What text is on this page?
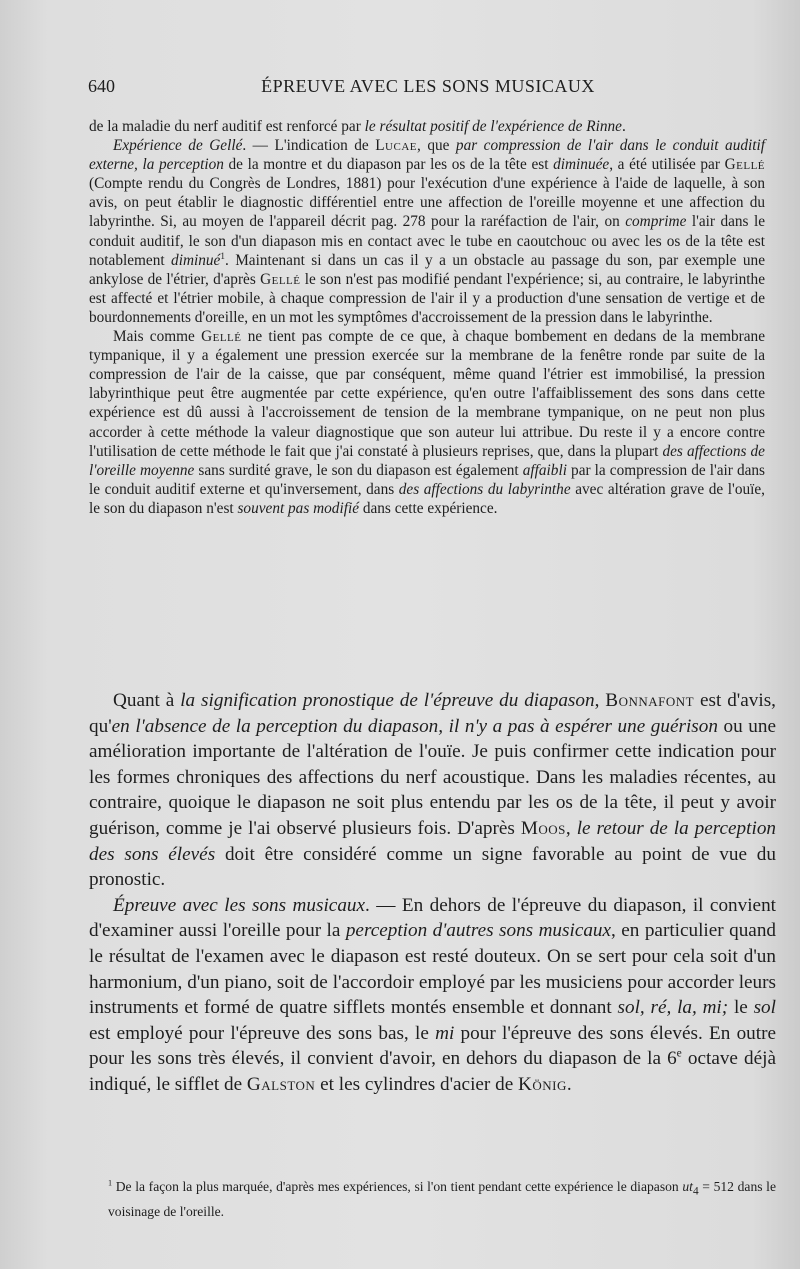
640	ÉPREUVE AVEC LES SONS MUSICAUX

de la maladie du nerf auditif est renforcé par le résultat positif de l'expérience de Rinne.

Expérience de Gellé. — L'indication de Lucae, que par compression de l'air dans le conduit auditif externe, la perception de la montre et du diapason par les os de la tête est diminuée, a été utilisée par Gellé (Compte rendu du Congrès de Londres, 1881) pour l'exécution d'une expérience à l'aide de laquelle, à son avis, on peut établir le diagnostic différentiel entre une affection de l'oreille moyenne et une affection du labyrinthe. Si, au moyen de l'appareil décrit pag. 278 pour la raréfaction de l'air, on comprime l'air dans le conduit auditif, le son d'un diapason mis en contact avec le tube en caoutchouc ou avec les os de la tête est notablement diminué$^1$. Maintenant si dans un cas il y a un obstacle au passage du son, par exemple une ankylose de l'étrier, d'après Gellé le son n'est pas modifié pendant l'expérience; si, au contraire, le labyrinthe est affecté et l'étrier mobile, à chaque compression de l'air il y a production d'une sensation de vertige et de bourdonnements d'oreille, en un mot les symptômes d'accroissement de la pression dans le labyrinthe.

Mais comme Gellé ne tient pas compte de ce que, à chaque bombement en dedans de la membrane tympanique, il y a également une pression exercée sur la membrane de la fenêtre ronde par suite de la compression de l'air de la caisse, que par conséquent, même quand l'étrier est immobilisé, la pression labyrinthique peut être augmentée par cette expérience, qu'en outre l'affaiblissement des sons dans cette expérience est dû aussi à l'accroissement de tension de la membrane tympanique, on ne peut non plus accorder à cette méthode la valeur diagnostique que son auteur lui attribue. Du reste il y a encore contre l'utilisation de cette méthode le fait que j'ai constaté à plusieurs reprises, que, dans la plupart des affections de l'oreille moyenne sans surdité grave, le son du diapason est également affaibli par la compression de l'air dans le conduit auditif externe et qu'inversement, dans des affections du labyrinthe avec altération grave de l'ouïe, le son du diapason n'est souvent pas modifié dans cette expérience.

Quant à la signification pronostique de l'épreuve du diapason, Bonnafont est d'avis, qu'en l'absence de la perception du diapason, il n'y a pas à espérer une guérison ou une amélioration importante de l'altération de l'ouïe. Je puis confirmer cette indication pour les formes chroniques des affections du nerf acoustique. Dans les maladies récentes, au contraire, quoique le diapason ne soit plus entendu par les os de la tête, il peut y avoir guérison, comme je l'ai observé plusieurs fois. D'après Moos, le retour de la perception des sons élevés doit être considéré comme un signe favorable au point de vue du pronostic.

Épreuve avec les sons musicaux. — En dehors de l'épreuve du diapason, il convient d'examiner aussi l'oreille pour la perception d'autres sons musicaux, en particulier quand le résultat de l'examen avec le diapason est resté douteux. On se sert pour cela soit d'un harmonium, d'un piano, soit de l'accordoir employé par les musiciens pour accorder leurs instruments et formé de quatre sifflets montés ensemble et donnant sol, ré, la, mi; le sol est employé pour l'épreuve des sons bas, le mi pour l'épreuve des sons élevés. En outre pour les sons très élevés, il convient d'avoir, en dehors du diapason de la 6e octave déjà indiqué, le sifflet de Galston et les cylindres d'acier de König.

$^1$ De la façon la plus marquée, d'après mes expériences, si l'on tient pendant cette expérience le diapason $ut_4 = 512$ dans le voisinage de l'oreille.
